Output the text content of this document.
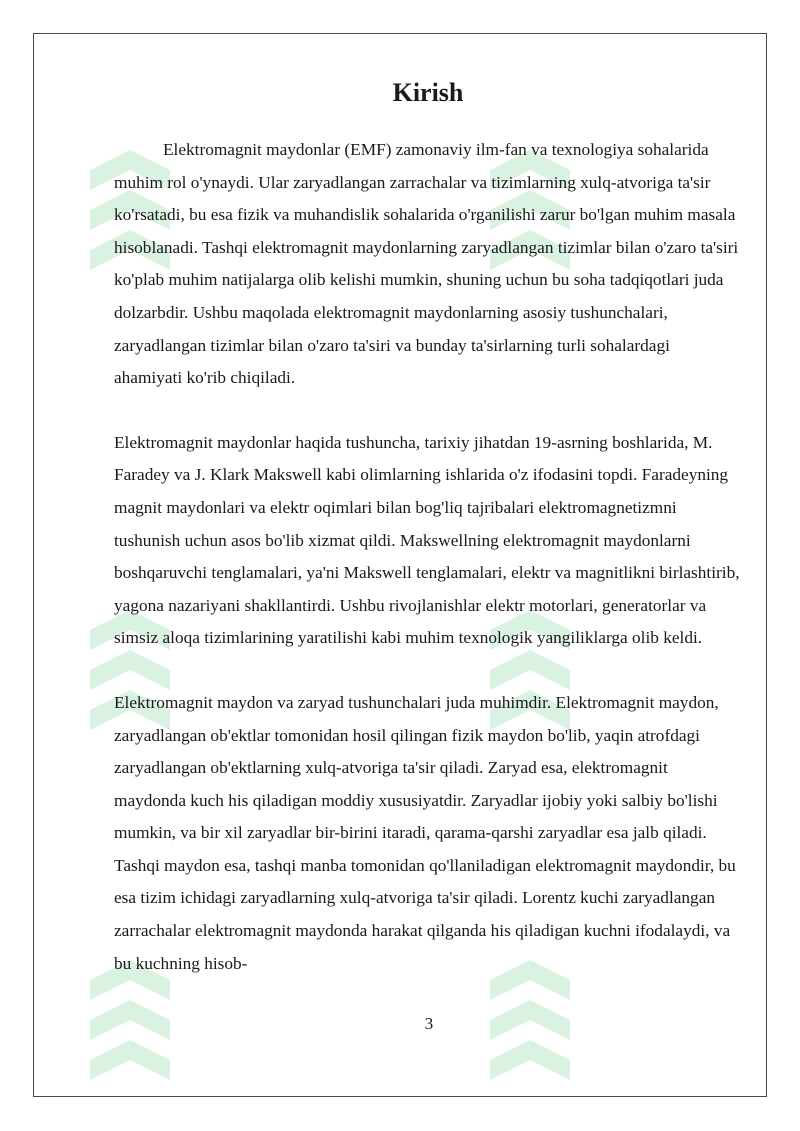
Kirish

Elektromagnit maydonlar (EMF) zamonaviy ilm-fan va texnologiya sohalarida muhim rol o'ynaydi. Ular zaryadlangan zarrachalar va tizimlarning xulq-atvoriga ta'sir ko'rsatadi, bu esa fizik va muhandislik sohalarida o'rganilishi zarur bo'lgan muhim masala hisoblanadi. Tashqi elektromagnit maydonlarning zaryadlangan tizimlar bilan o'zaro ta'siri ko'plab muhim natijalarga olib kelishi mumkin, shuning uchun bu soha tadqiqotlari juda dolzarbdir. Ushbu maqolada elektromagnit maydonlarning asosiy tushunchalari, zaryadlangan tizimlar bilan o'zaro ta'siri va bunday ta'sirlarning turli sohalardagi ahamiyati ko'rib chiqiladi.

Elektromagnit maydonlar haqida tushuncha, tarixiy jihatdan 19-asrning boshlarida, M. Faradey va J. Klark Makswell kabi olimlarning ishlarida o'z ifodasini topdi. Faradeyning magnit maydonlari va elektr oqimlari bilan bog'liq tajribalari elektromagnetizmni tushunish uchun asos bo'lib xizmat qildi. Makswellning elektromagnit maydonlarni boshqaruvchi tenglamalari, ya'ni Makswell tenglamalari, elektr va magnitlikni birlashtirib, yagona nazariyani shakllantirdi. Ushbu rivojlanishlar elektr motorlari, generatorlar va simsiz aloqa tizimlarining yaratilishi kabi muhim texnologik yangiliklarga olib keldi.

Elektromagnit maydon va zaryad tushunchalari juda muhimdir. Elektromagnit maydon, zaryadlangan ob'ektlar tomonidan hosil qilingan fizik maydon bo'lib, yaqin atrofdagi zaryadlangan ob'ektlarning xulq-atvoriga ta'sir qiladi. Zaryad esa, elektromagnit maydonda kuch his qiladigan moddiy xususiyatdir. Zaryadlar ijobiy yoki salbiy bo'lishi mumkin, va bir xil zaryadlar bir-birini itaradi, qarama-qarshi zaryadlar esa jalb qiladi. Tashqi maydon esa, tashqi manba tomonidan qo'llaniladigan elektromagnit maydondir, bu esa tizim ichidagi zaryadlarning xulq-atvoriga ta'sir qiladi. Lorentz kuchi zaryadlangan zarrachalar elektromagnit maydonda harakat qilganda his qiladigan kuchni ifodalaydi, va bu kuchning hisob-

3
